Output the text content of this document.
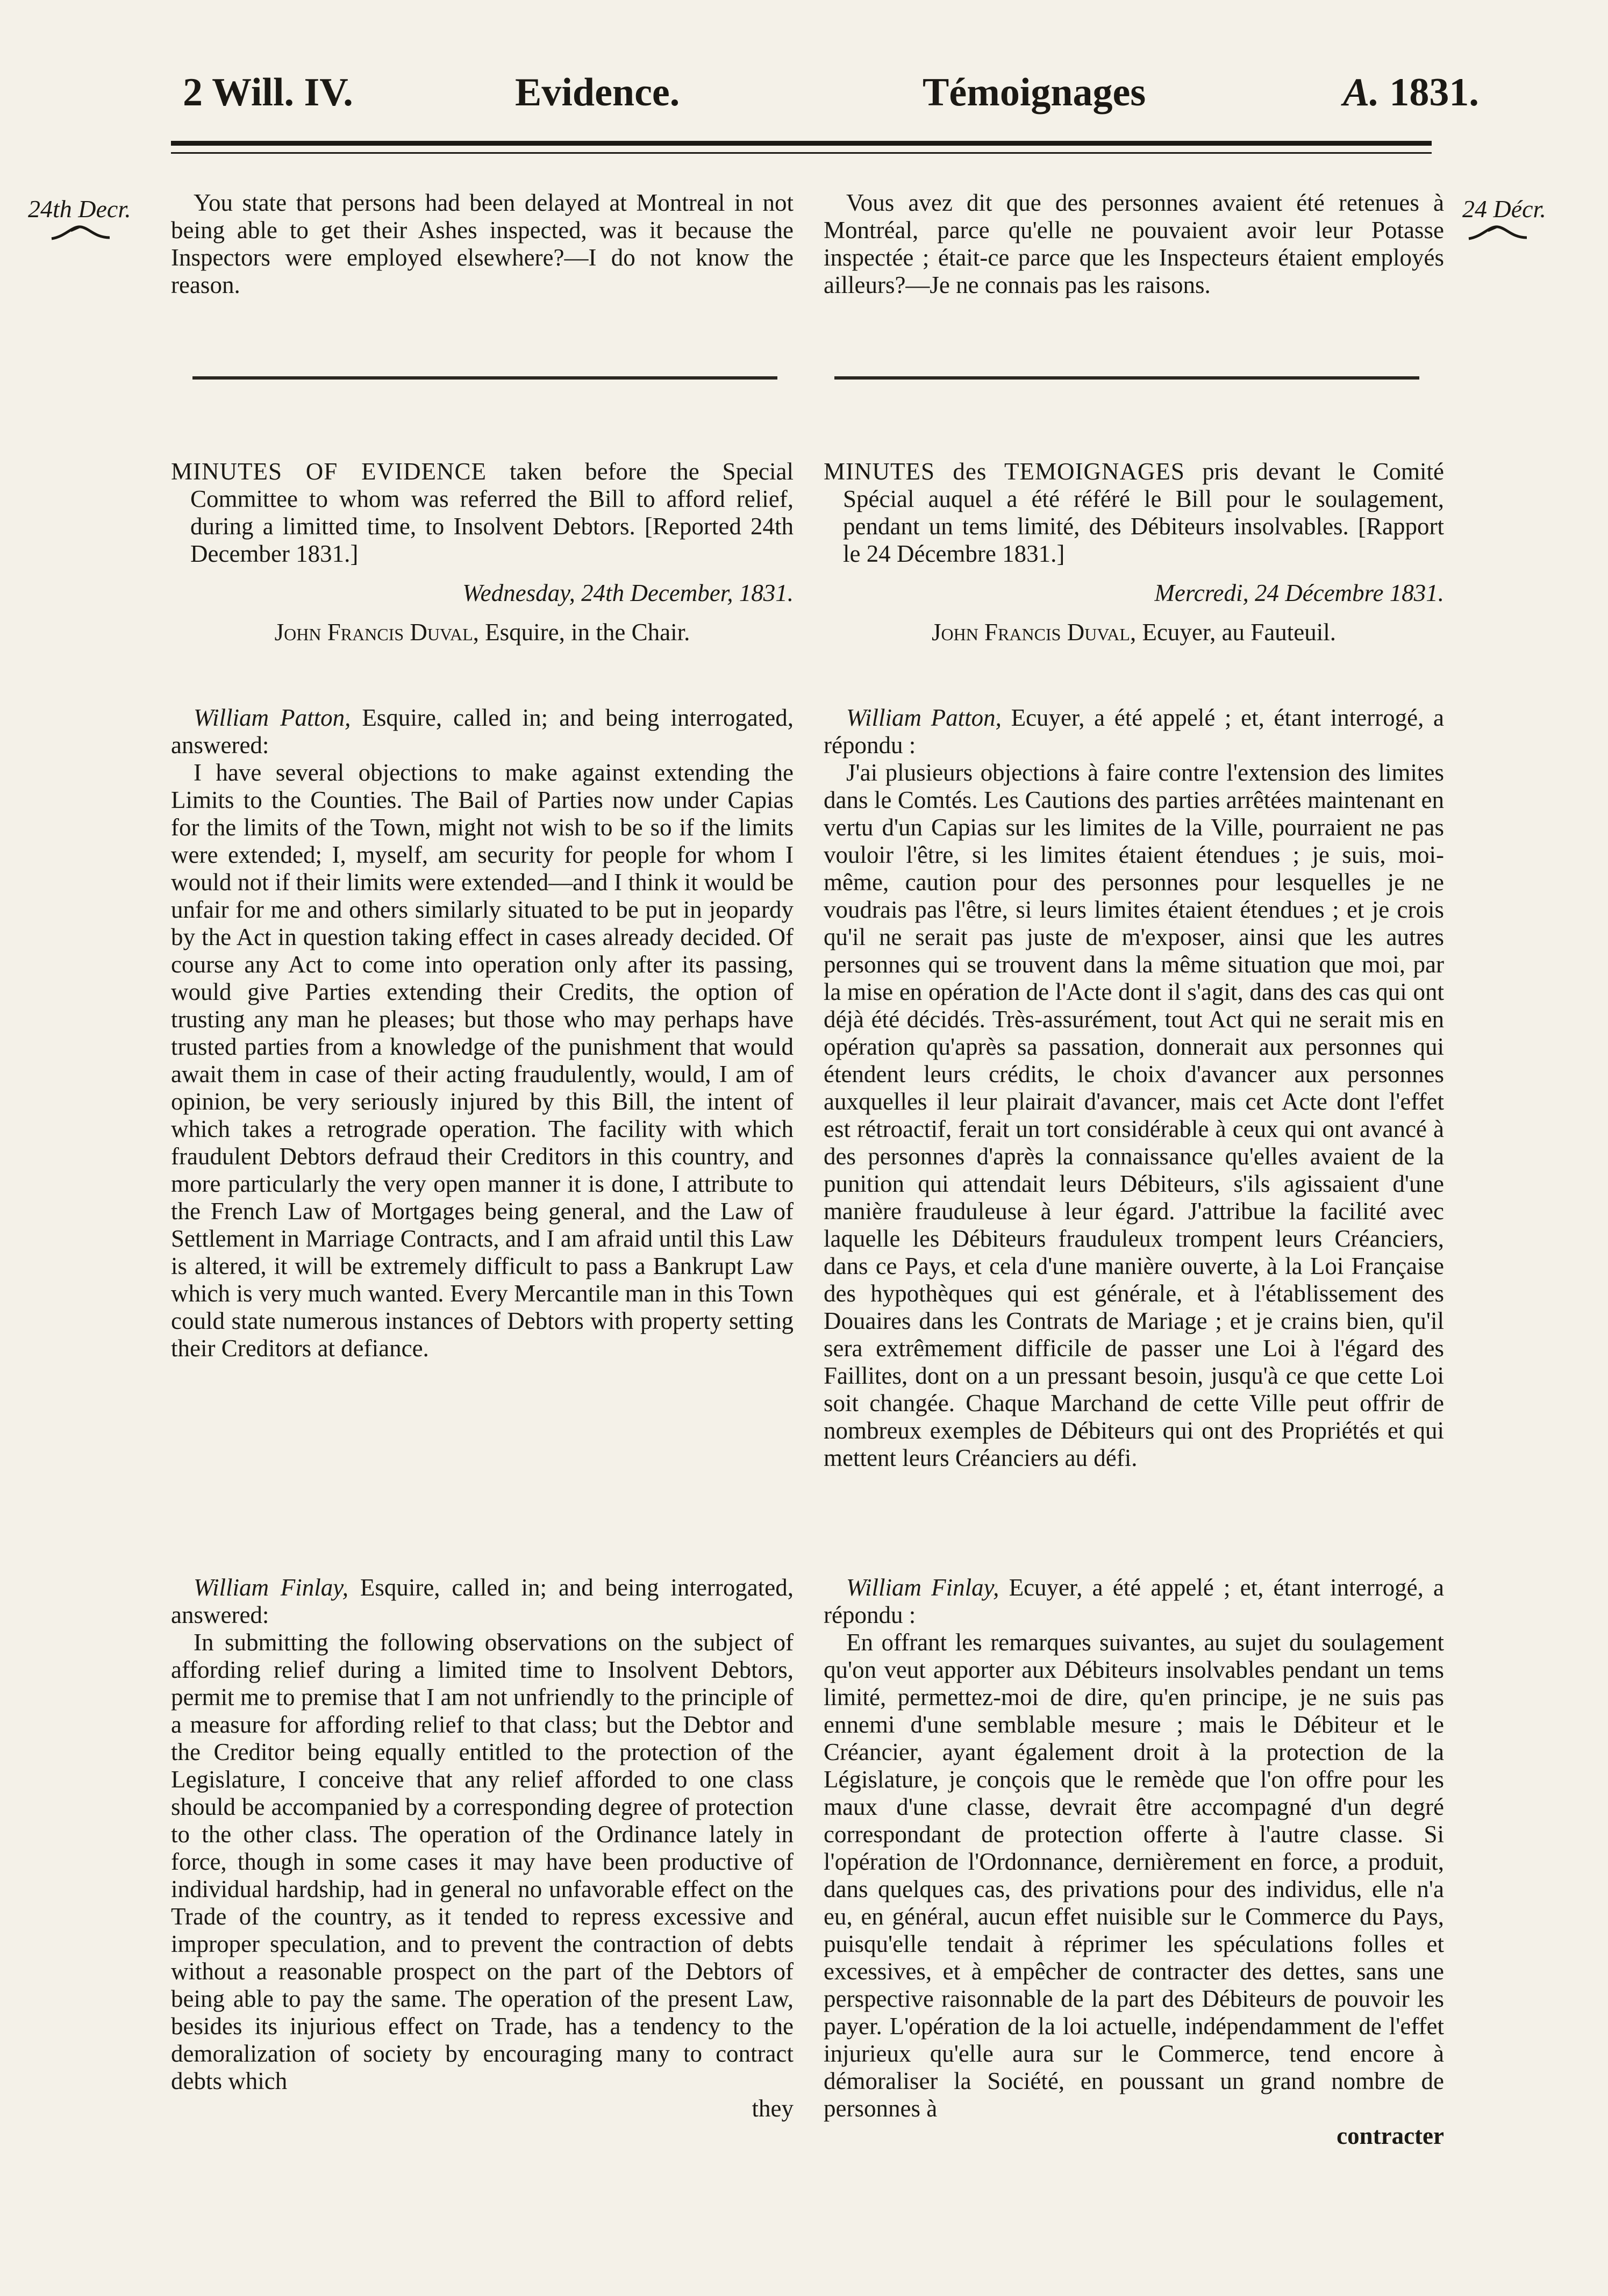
2 Will. IV.	Evidence.	Témoignages	A. 1831.
24th Decr.	24 Décr.

You state that persons had been delayed at Montreal in not being able to get their Ashes inspected, was it because the Inspectors were employed elsewhere?—I do not know the reason.

Vous avez dit que des personnes avaient été retenues à Montréal, parce qu'elle ne pouvaient avoir leur Potasse inspectée ; était-ce parce que les Inspecteurs étaient employés ailleurs?—Je ne connais pas les raisons.

MINUTES OF EVIDENCE taken before the Special Committee to whom was referred the Bill to afford relief, during a limitted time, to Insolvent Debtors. [Reported 24th December 1831.]

Wednesday, 24th December, 1831.

John Francis Duval, Esquire, in the Chair.

MINUTES des TEMOIGNAGES pris devant le Comité Spécial auquel a été référé le Bill pour le soulagement, pendant un tems limité, des Débiteurs insolvables. [Rapport le 24 Décembre 1831.]

Mercredi, 24 Décembre 1831.

John Francis Duval, Ecuyer, au Fauteuil.

William Patton, Esquire, called in; and being interrogated, answered:

I have several objections to make against extending the Limits to the Counties. The Bail of Parties now under Capias for the limits of the Town, might not wish to be so if the limits were extended; I, myself, am security for people for whom I would not if their limits were extended—and I think it would be unfair for me and others similarly situated to be put in jeopardy by the Act in question taking effect in cases already decided. Of course any Act to come into operation only after its passing, would give Parties extending their Credits, the option of trusting any man he pleases; but those who may perhaps have trusted parties from a knowledge of the punishment that would await them in case of their acting fraudulently, would, I am of opinion, be very seriously injured by this Bill, the intent of which takes a retrograde operation. The facility with which fraudulent Debtors defraud their Creditors in this country, and more particularly the very open manner it is done, I attribute to the French Law of Mortgages being general, and the Law of Settlement in Marriage Contracts, and I am afraid until this Law is altered, it will be extremely difficult to pass a Bankrupt Law which is very much wanted. Every Mercantile man in this Town could state numerous instances of Debtors with property setting their Creditors at defiance.

William Patton, Ecuyer, a été appelé ; et, étant interrogé, a répondu :

J'ai plusieurs objections à faire contre l'extension des limites dans le Comtés. Les Cautions des parties arrêtées maintenant en vertu d'un Capias sur les limites de la Ville, pourraient ne pas vouloir l'être, si les limites étaient étendues ; je suis, moi-même, caution pour des personnes pour lesquelles je ne voudrais pas l'être, si leurs limites étaient étendues ; et je crois qu'il ne serait pas juste de m'exposer, ainsi que les autres personnes qui se trouvent dans la même situation que moi, par la mise en opération de l'Acte dont il s'agit, dans des cas qui ont déjà été décidés. Très-assurément, tout Act qui ne serait mis en opération qu'après sa passation, donnerait aux personnes qui étendent leurs crédits, le choix d'avancer aux personnes auxquelles il leur plairait d'avancer, mais cet Acte dont l'effet est rétroactif, ferait un tort considérable à ceux qui ont avancé à des personnes d'après la connaissance qu'elles avaient de la punition qui attendait leurs Débiteurs, s'ils agissaient d'une manière frauduleuse à leur égard. J'attribue la facilité avec laquelle les Débiteurs frauduleux trompent leurs Créanciers, dans ce Pays, et cela d'une manière ouverte, à la Loi Française des hypothèques qui est générale, et à l'établissement des Douaires dans les Contrats de Mariage ; et je crains bien, qu'il sera extrêmement difficile de passer une Loi à l'égard des Faillites, dont on a un pressant besoin, jusqu'à ce que cette Loi soit changée. Chaque Marchand de cette Ville peut offrir de nombreux exemples de Débiteurs qui ont des Propriétés et qui mettent leurs Créanciers au défi.

William Finlay, Esquire, called in; and being interrogated, answered:

In submitting the following observations on the subject of affording relief during a limited time to Insolvent Debtors, permit me to premise that I am not unfriendly to the principle of a measure for affording relief to that class; but the Debtor and the Creditor being equally entitled to the protection of the Legislature, I conceive that any relief afforded to one class should be accompanied by a corresponding degree of protection to the other class. The operation of the Ordinance lately in force, though in some cases it may have been productive of individual hardship, had in general no unfavorable effect on the Trade of the country, as it tended to repress excessive and improper speculation, and to prevent the contraction of debts without a reasonable prospect on the part of the Debtors of being able to pay the same. The operation of the present Law, besides its injurious effect on Trade, has a tendency to the demoralization of society by encouraging many to contract debts which

they

William Finlay, Ecuyer, a été appelé ; et, étant interrogé, a répondu :

En offrant les remarques suivantes, au sujet du soulagement qu'on veut apporter aux Débiteurs insolvables pendant un tems limité, permettez-moi de dire, qu'en principe, je ne suis pas ennemi d'une semblable mesure ; mais le Débiteur et le Créancier, ayant également droit à la protection de la Législature, je conçois que le remède que l'on offre pour les maux d'une classe, devrait être accompagné d'un degré correspondant de protection offerte à l'autre classe. Si l'opération de l'Ordonnance, dernièrement en force, a produit, dans quelques cas, des privations pour des individus, elle n'a eu, en général, aucun effet nuisible sur le Commerce du Pays, puisqu'elle tendait à réprimer les spéculations folles et excessives, et à empêcher de contracter des dettes, sans une perspective raisonnable de la part des Débiteurs de pouvoir les payer. L'opération de la loi actuelle, indépendamment de l'effet injurieux qu'elle aura sur le Commerce, tend encore à démoraliser la Société, en poussant un grand nombre de personnes à

contracter
